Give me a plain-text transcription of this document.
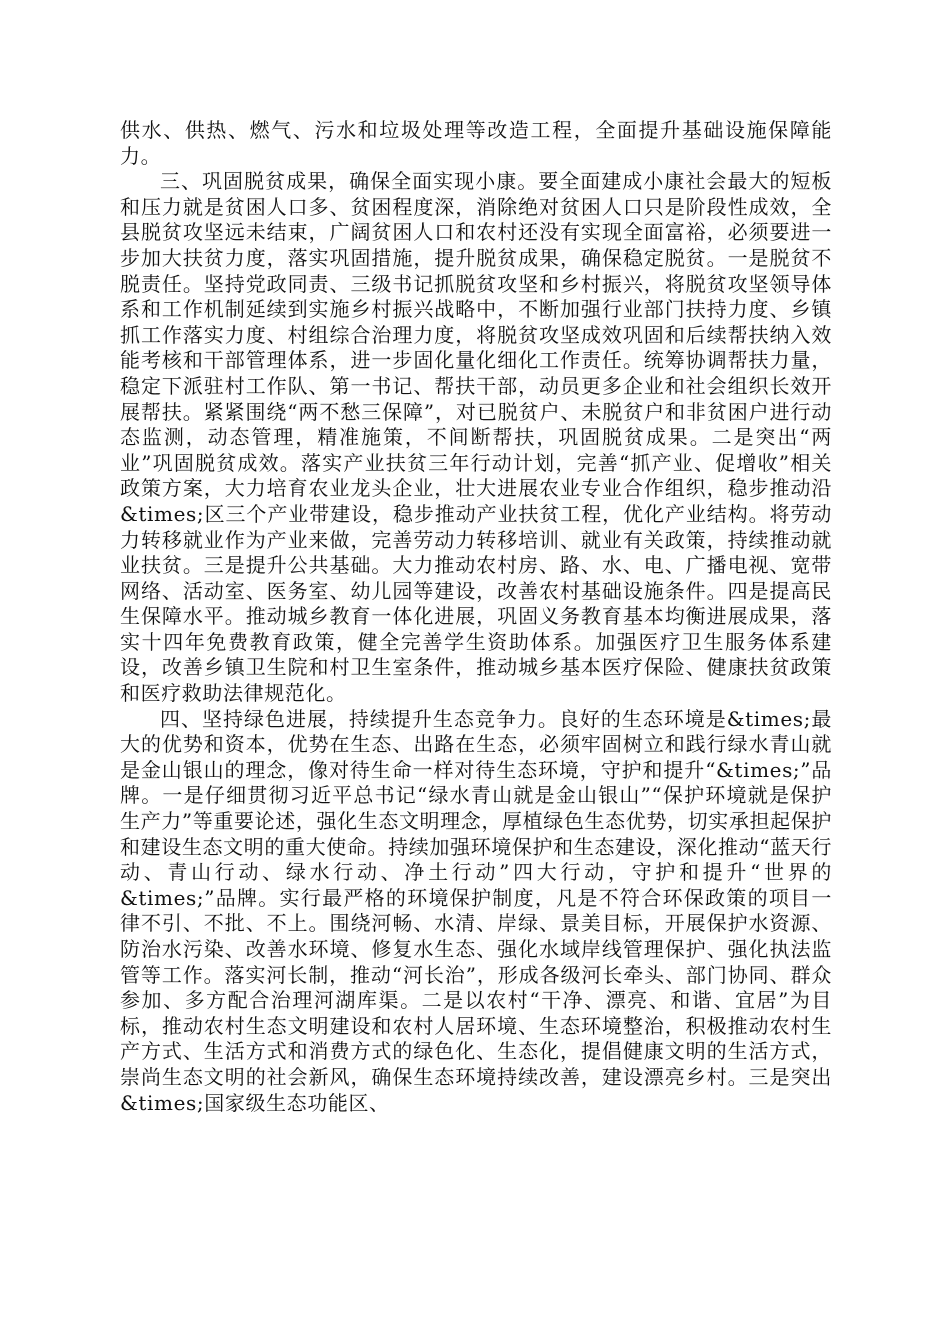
供水、供热、燃气、污水和垃圾处理等改造工程，全面提升基础设施保障能力。

三、巩固脱贫成果，确保全面实现小康。要全面建成小康社会最大的短板和压力就是贫困人口多、贫困程度深，消除绝对贫困人口只是阶段性成效，全县脱贫攻坚远未结束，广阔贫困人口和农村还没有实现全面富裕，必须要进一步加大扶贫力度，落实巩固措施，提升脱贫成果，确保稳定脱贫。一是脱贫不脱责任。坚持党政同责、三级书记抓脱贫攻坚和乡村振兴，将脱贫攻坚领导体系和工作机制延续到实施乡村振兴战略中，不断加强行业部门扶持力度、乡镇抓工作落实力度、村组综合治理力度，将脱贫攻坚成效巩固和后续帮扶纳入效能考核和干部管理体系，进一步固化量化细化工作责任。统筹协调帮扶力量，稳定下派驻村工作队、第一书记、帮扶干部，动员更多企业和社会组织长效开展帮扶。紧紧围绕“两不愁三保障”，对已脱贫户、未脱贫户和非贫困户进行动态监测，动态管理，精准施策，不间断帮扶，巩固脱贫成果。二是突出“两业”巩固脱贫成效。落实产业扶贫三年行动计划，完善“抓产业、促增收”相关政策方案，大力培育农业龙头企业，壮大进展农业专业合作组织，稳步推动沿&times;区三个产业带建设，稳步推动产业扶贫工程，优化产业结构。将劳动力转移就业作为产业来做，完善劳动力转移培训、就业有关政策，持续推动就业扶贫。三是提升公共基础。大力推动农村房、路、水、电、广播电视、宽带网络、活动室、医务室、幼儿园等建设，改善农村基础设施条件。四是提高民生保障水平。推动城乡教育一体化进展，巩固义务教育基本均衡进展成果，落实十四年免费教育政策，健全完善学生资助体系。加强医疗卫生服务体系建设，改善乡镇卫生院和村卫生室条件，推动城乡基本医疗保险、健康扶贫政策和医疗救助法律规范化。

四、坚持绿色进展，持续提升生态竞争力。良好的生态环境是&times;最大的优势和资本，优势在生态、出路在生态，必须牢固树立和践行绿水青山就是金山银山的理念，像对待生命一样对待生态环境，守护和提升“&times;”品牌。一是仔细贯彻习近平总书记“绿水青山就是金山银山”“保护环境就是保护生产力”等重要论述，强化生态文明理念，厚植绿色生态优势，切实承担起保护和建设生态文明的重大使命。持续加强环境保护和生态建设，深化推动“蓝天行动、青山行动、绿水行动、净土行动”四大行动，守护和提升“世界的&times;”品牌。实行最严格的环境保护制度，凡是不符合环保政策的项目一律不引、不批、不上。围绕河畅、水清、岸绿、景美目标，开展保护水资源、防治水污染、改善水环境、修复水生态、强化水域岸线管理保护、强化执法监管等工作。落实河长制，推动“河长治”，形成各级河长牵头、部门协同、群众参加、多方配合治理河湖库渠。二是以农村“干净、漂亮、和谐、宜居”为目标，推动农村生态文明建设和农村人居环境、生态环境整治，积极推动农村生产方式、生活方式和消费方式的绿色化、生态化，提倡健康文明的生活方式，崇尚生态文明的社会新风，确保生态环境持续改善，建设漂亮乡村。三是突出&times;国家级生态功能区、
